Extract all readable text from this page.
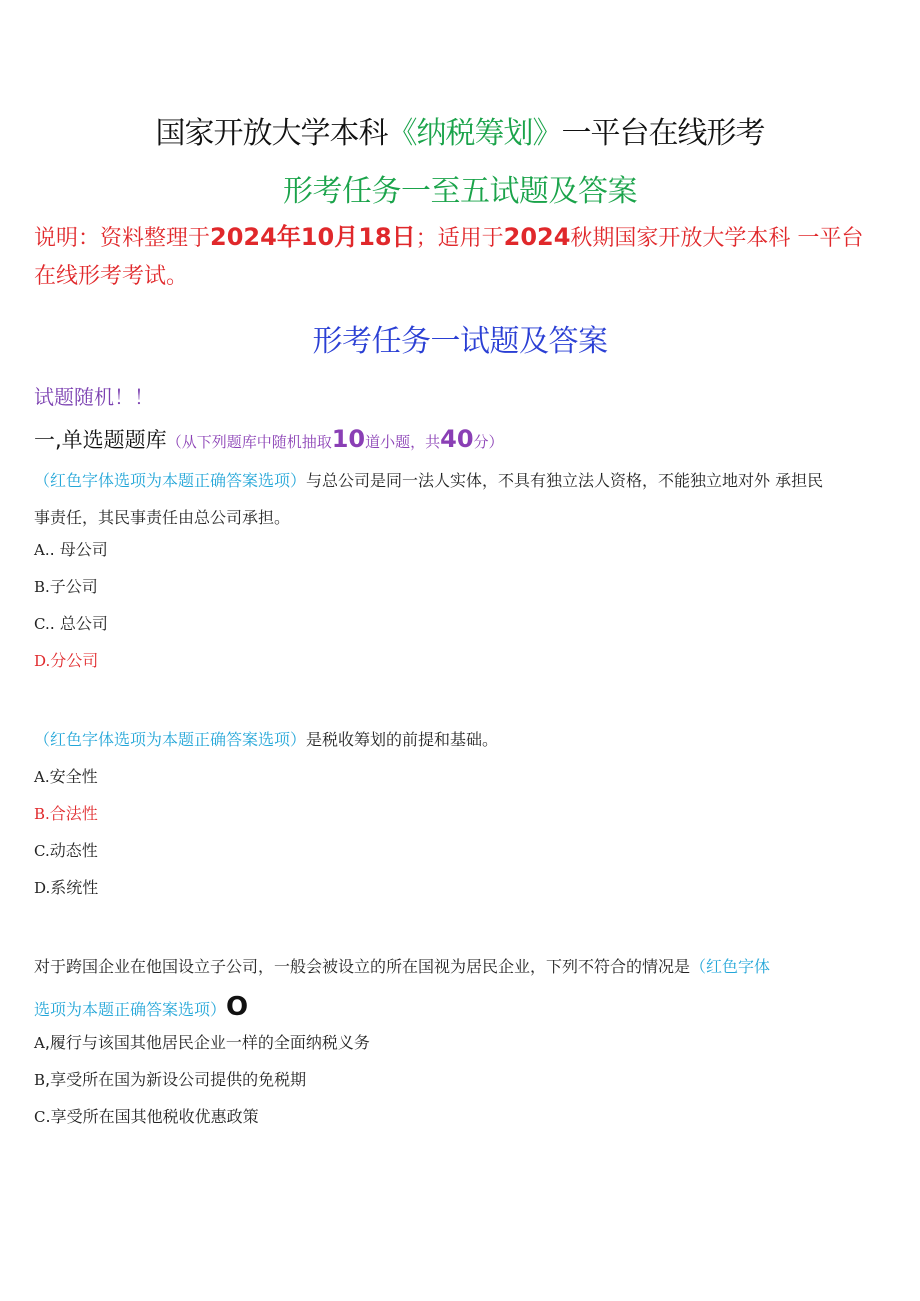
国家开放大学本科《纳税筹划》一平台在线形考
形考任务一至五试题及答案
说明：资料整理于2024年10月18日；适用于2024秋期国家开放大学本科 一平台在线形考考试。
形考任务一试题及答案
试题随机！！
一,单选题题库（从下列题库中随机抽取10道小题，共40分）
（红色字体选项为本题正确答案选项）与总公司是同一法人实体，不具有独立法人资格，不能独立地对外 承担民
事责任，其民事责任由总公司承担。
A.. 母公司
B.子公司
C.. 总公司
D.分公司
（红色字体选项为本题正确答案选项）是税收筹划的前提和基础。
A.安全性
B.合法性
C.动态性
D.系统性
对于跨国企业在他国设立子公司，一般会被设立的所在国视为居民企业，下列不符合的情况是（红色字体
选项为本题正确答案选项）O
A,履行与该国其他居民企业一样的全面纳税义务
B,享受所在国为新设公司提供的免税期
C.享受所在国其他税收优惠政策
